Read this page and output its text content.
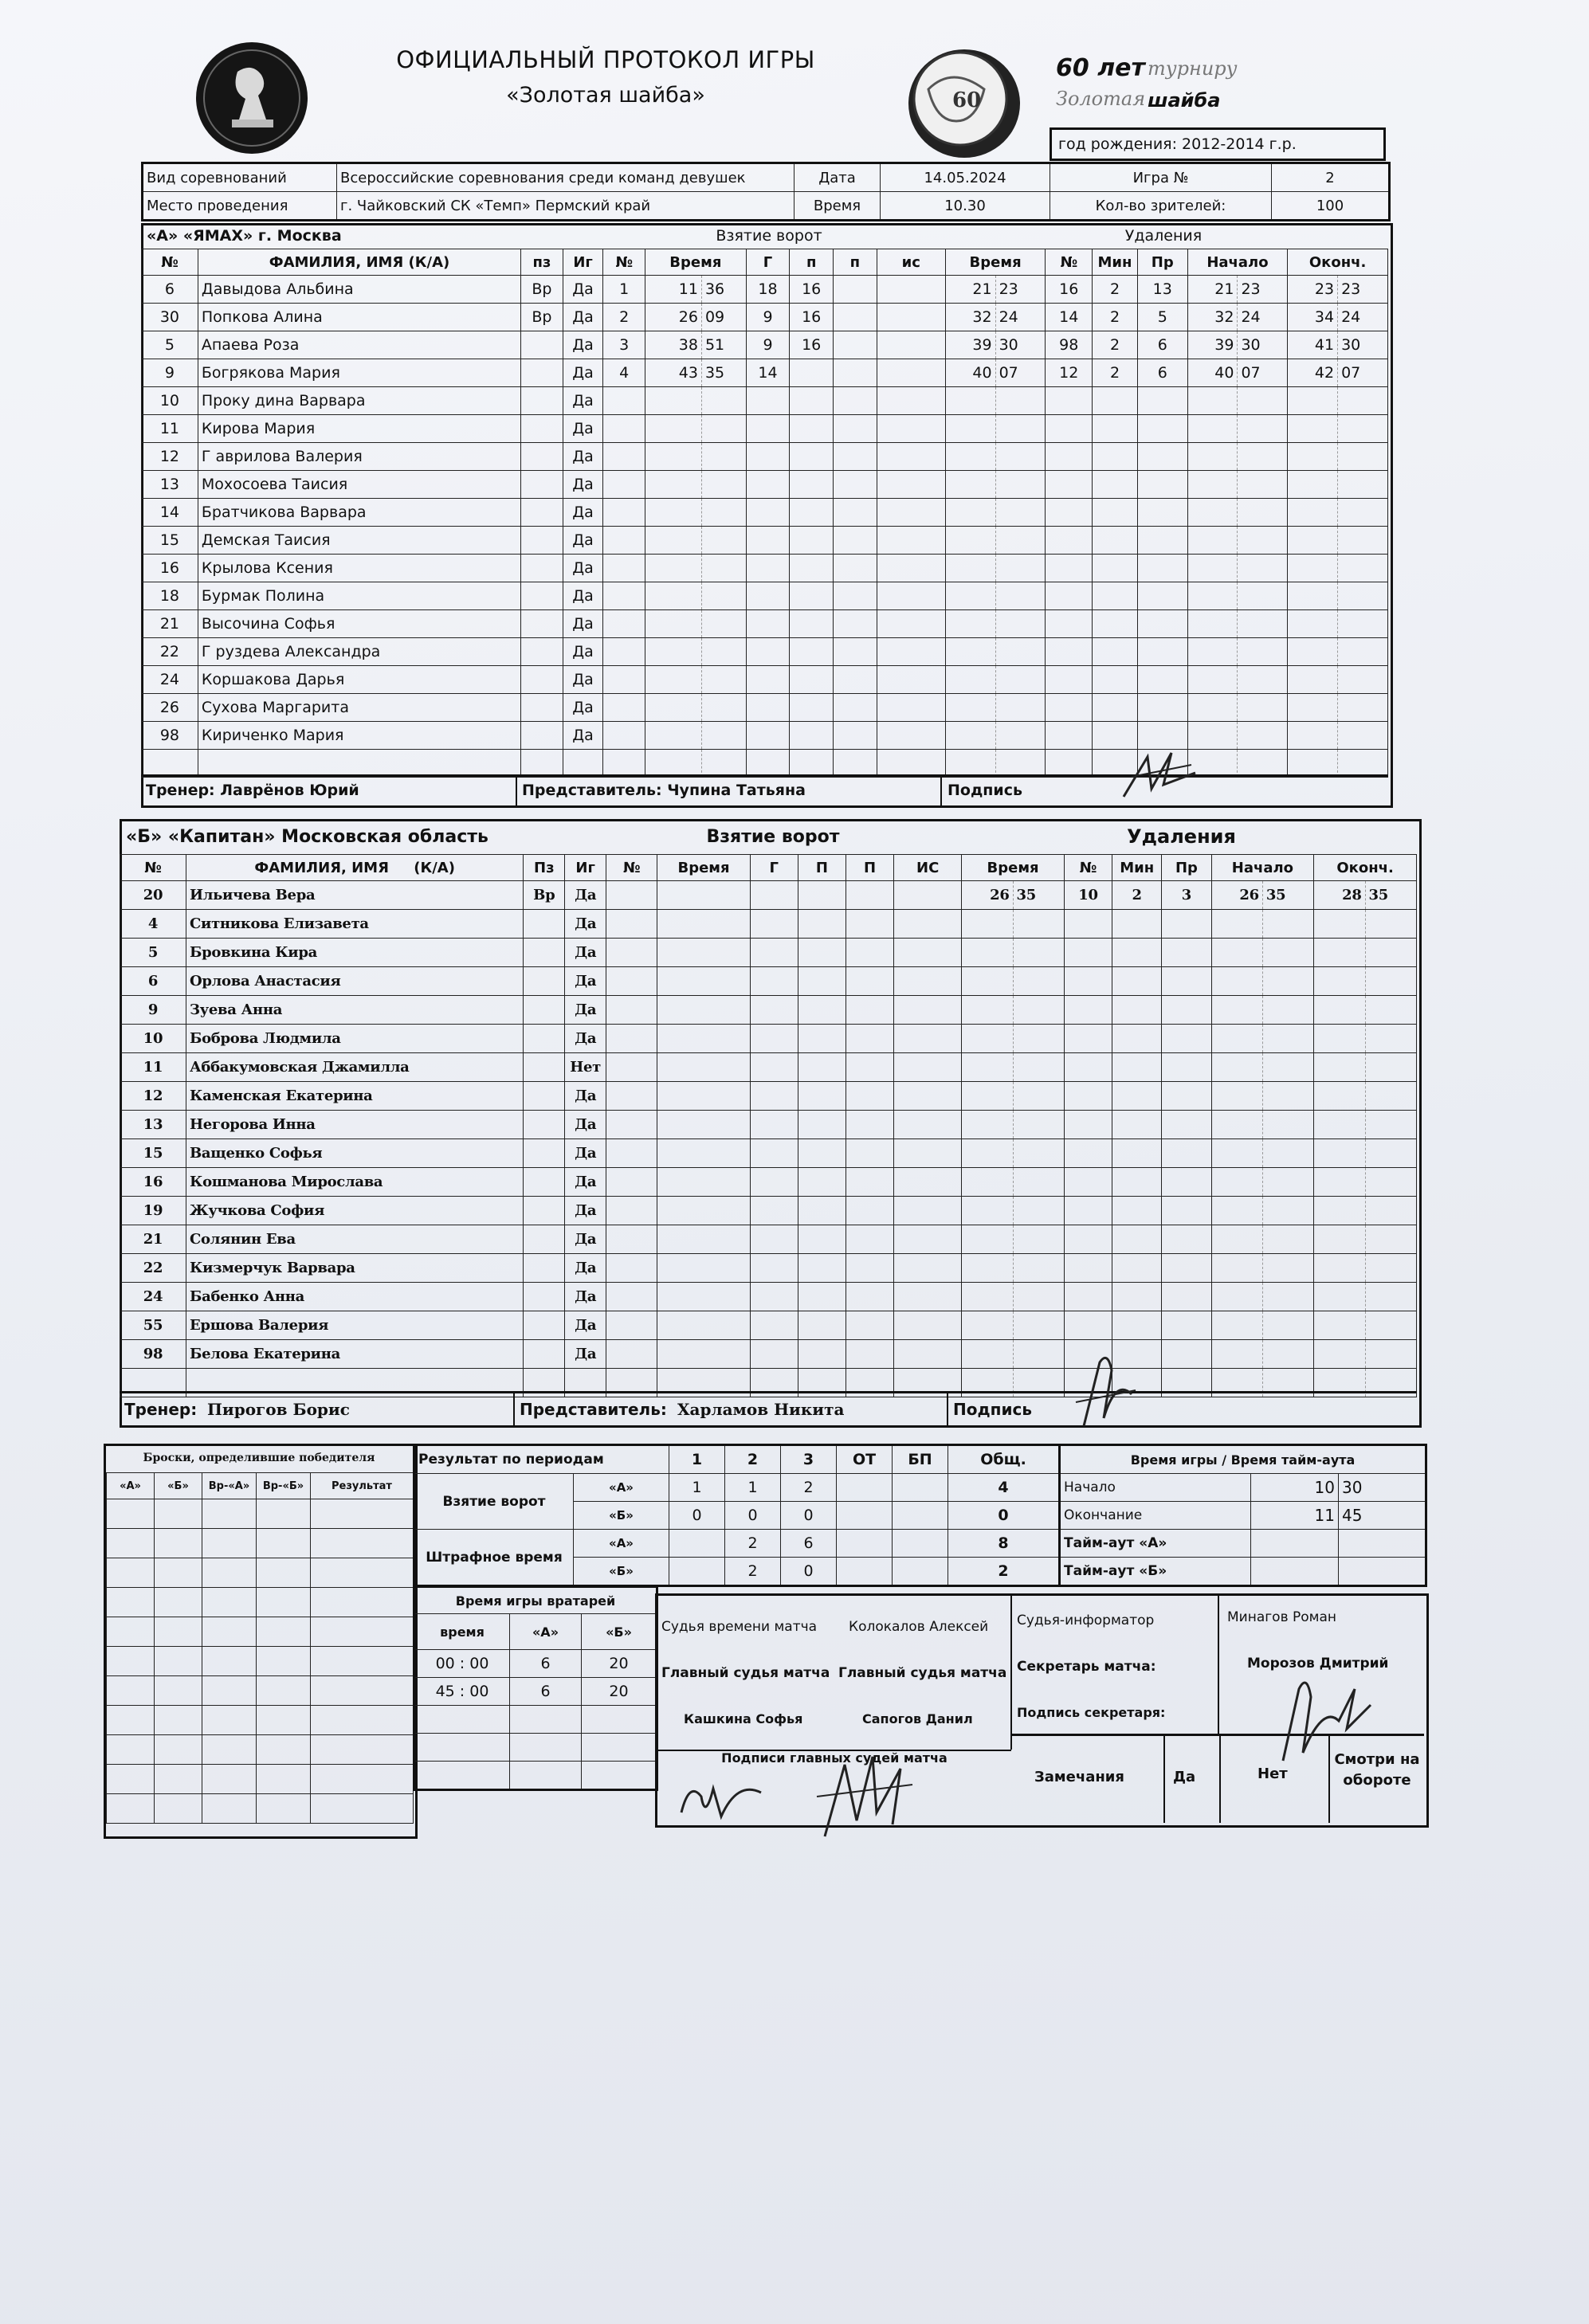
ОФИЦИАЛЬНЫЙ ПРОТОКОЛ ИГРЫ
«Золотая шайба»	60
60 лет турниру
Золотая шайба
год рождения: 2012-2014 г.р.
Вид соревнований	Всероссийские соревнования среди команд девушек	Дата	14.05.2024	Игра №	2
Место проведения	г. Чайковский СК «Темп» Пермский край	Время	10.30	Кол-во зрителей:	100
«А» «ЯМАХ» г. Москва	Взятие ворот	Удаления
№	ФАМИЛИЯ, ИМЯ (К/А)	пз	Иг	№	Время		Г	п	п	ис	Время		№	Мин	Пр	Начало		Оконч.	
6	Давыдова Альбина	Вр	Да	1	11	36	18	16			21	23	16	2	13	21	23	23	23
30	Попкова Алина	Вр	Да	2	26	09	9	16			32	24	14	2	5	32	24	34	24
5	Апаева Роза		Да	3	38	51	9	16			39	30	98	2	6	39	30	41	30
9	Богрякова Мария		Да	4	43	35	14				40	07	12	2	6	40	07	42	07
10	Проку дина Варвара		Да																
11	Кирова Мария		Да																
12	Г аврилова Валерия		Да																
13	Мохосоева Таисия		Да																
14	Братчикова Варвара		Да																
15	Демская Таисия		Да																
16	Крылова Ксения		Да																
18	Бурмак Полина		Да																
21	Высочина Софья		Да																
22	Г руздева Александра		Да																
24	Коршакова Дарья		Да																
26	Сухова Маргарита		Да																
98	Кириченко Мария		Да																

Тренер: Лаврёнов Юрий	Представитель: Чупина Татьяна	Подпись
«Б» «Капитан» Московская область	Взятие ворот	Удаления
№	ФАМИЛИЯ, ИМЯ (К/А)	Пз	Иг	№	Время	Г	П	П	ИС	Время		№	Мин	Пр	Начало		Оконч.	
20	Ильичева Вера	Вр	Да							26	35	10	2	3	26	35	28	35
4	Ситникова Елизавета		Да															
5	Бровкина Кира		Да															
6	Орлова Анастасия		Да															
9	Зуева Анна		Да															
10	Боброва Людмила		Да															
11	Аббакумовская Джамилла		Нет															
12	Каменская Екатерина		Да															
13	Негорова Инна		Да															
15	Ващенко Софья		Да															
16	Кошманова Мирослава		Да															
19	Жучкова София		Да															
21	Солянин Ева		Да															
22	Кизмерчук Варвара		Да															
24	Бабенко Анна		Да															
55	Ершова Валерия		Да															
98	Белова Екатерина		Да															

Тренер: Пирогов Борис	Представитель: Харламов Никита	Подпись
Броски, определившие победителя
«А»	«Б»	Вр-«А»	Вр-«Б»	Результат

Результат по периодам		1	2	3	ОТ	БП	Общ.
Взятие ворот	«А»	1	1	2			4
	«Б»	0	0	0			0
Штрафное время	«А»		2	6			8
	«Б»		2	0			2
Время игры / Время тайм-аута		
Начало	10	30
Окончание	11	45
Тайм-аут «А»		
Тайм-аут «Б»		
Время игры вратарей		
время	«А»	«Б»
00 : 00	6	20
45 : 00	6	20

Судья времени матча Колокалов Алексей
Главный судья матча Главный судья матча
Кашкина Софья	Сапогов Данил
Подписи главных судей матча
Судья-информатор	Минагов Роман
Секретарь матча:	Морозов Дмитрий
Подпись секретаря:
Замечания	Да	Нет
Смотри на обороте
